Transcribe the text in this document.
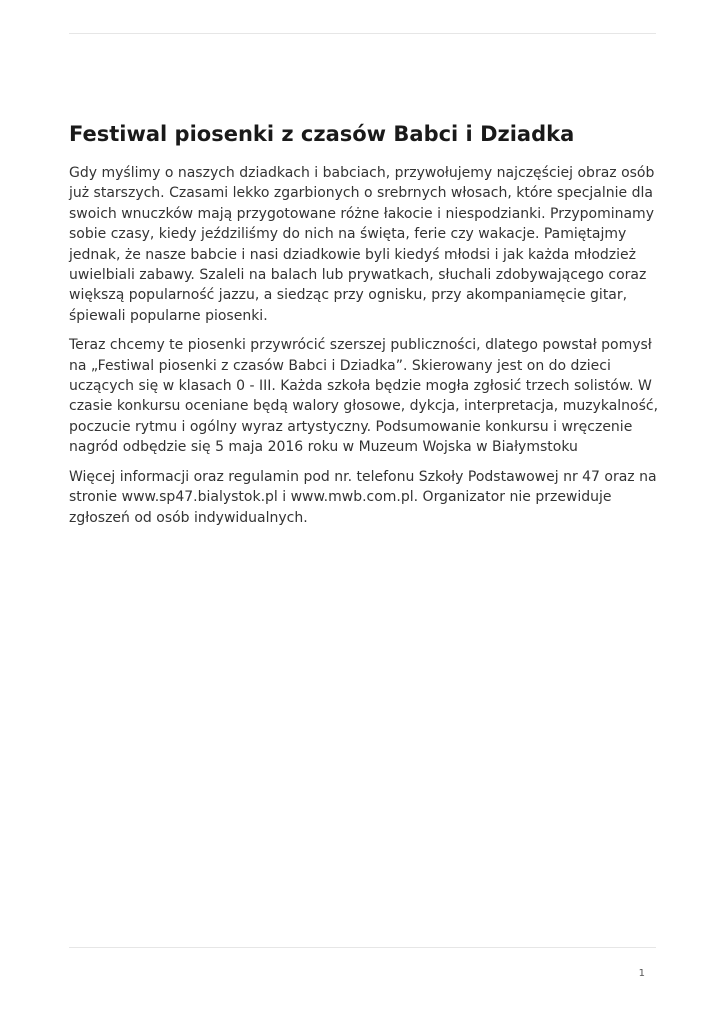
Festiwal piosenki z czasów Babci i Dziadka

Gdy myślimy o naszych dziadkach i babciach, przywołujemy najczęściej obraz osób już starszych. Czasami lekko zgarbionych o srebrnych włosach, które specjalnie dla swoich wnuczków mają przygotowane różne łakocie i niespodzianki. Przypominamy sobie czasy, kiedy jeździliśmy do nich na święta, ferie czy wakacje. Pamiętajmy jednak, że nasze babcie i nasi dziadkowie byli kiedyś młodsi i jak każda młodzież uwielbiali zabawy. Szaleli na balach lub prywatkach, słuchali zdobywającego coraz większą popularność jazzu, a siedząc przy ognisku, przy akompaniamęcie gitar, śpiewali popularne piosenki.

Teraz chcemy te piosenki przywrócić szerszej publiczności, dlatego powstał pomysł na „Festiwal piosenki z czasów Babci i Dziadka”. Skierowany jest on do dzieci uczących się w klasach 0 - III. Każda szkoła będzie mogła zgłosić trzech solistów. W czasie konkursu oceniane będą walory głosowe, dykcja, interpretacja, muzykalność, poczucie rytmu i ogólny wyraz artystyczny. Podsumowanie konkursu i wręczenie nagród odbędzie się 5 maja 2016 roku w Muzeum Wojska w Białymstoku

Więcej informacji oraz regulamin pod nr. telefonu Szkoły Podstawowej nr 47 oraz na stronie www.sp47.bialystok.pl i www.mwb.com.pl. Organizator nie przewiduje zgłoszeń od osób indywidualnych.

1
